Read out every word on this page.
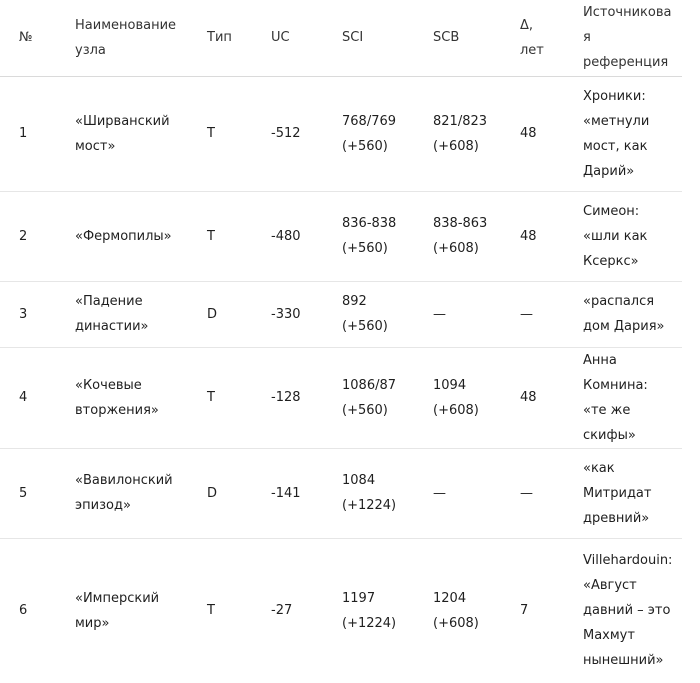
№	Наименование узла	Тип	UC	SCI	SCB	Δ, лет	Источниковая референция
1	«Ширванский мост»	T	-512	768/769 (+560)	821/823 (+608)	48	Хроники: «метнули мост, как Дарий»
2	«Фермопилы»	T	-480	836-838 (+560)	838-863 (+608)	48	Симеон: «шли как Ксеркс»
3	«Падение династии»	D	-330	892 (+560)	—	—	«распался дом Дария»
4	«Кочевые вторжения»	T	-128	1086/87 (+560)	1094 (+608)	48	Анна Комнина: «те же скифы»
5	«Вавилонский эпизод»	D	-141	1084 (+1224)	—	—	«как Митридат древний»
6	«Имперский мир»	T	-27	1197 (+1224)	1204 (+608)	7	Villehardouin: «Август давний – это Махмут нынешний»
